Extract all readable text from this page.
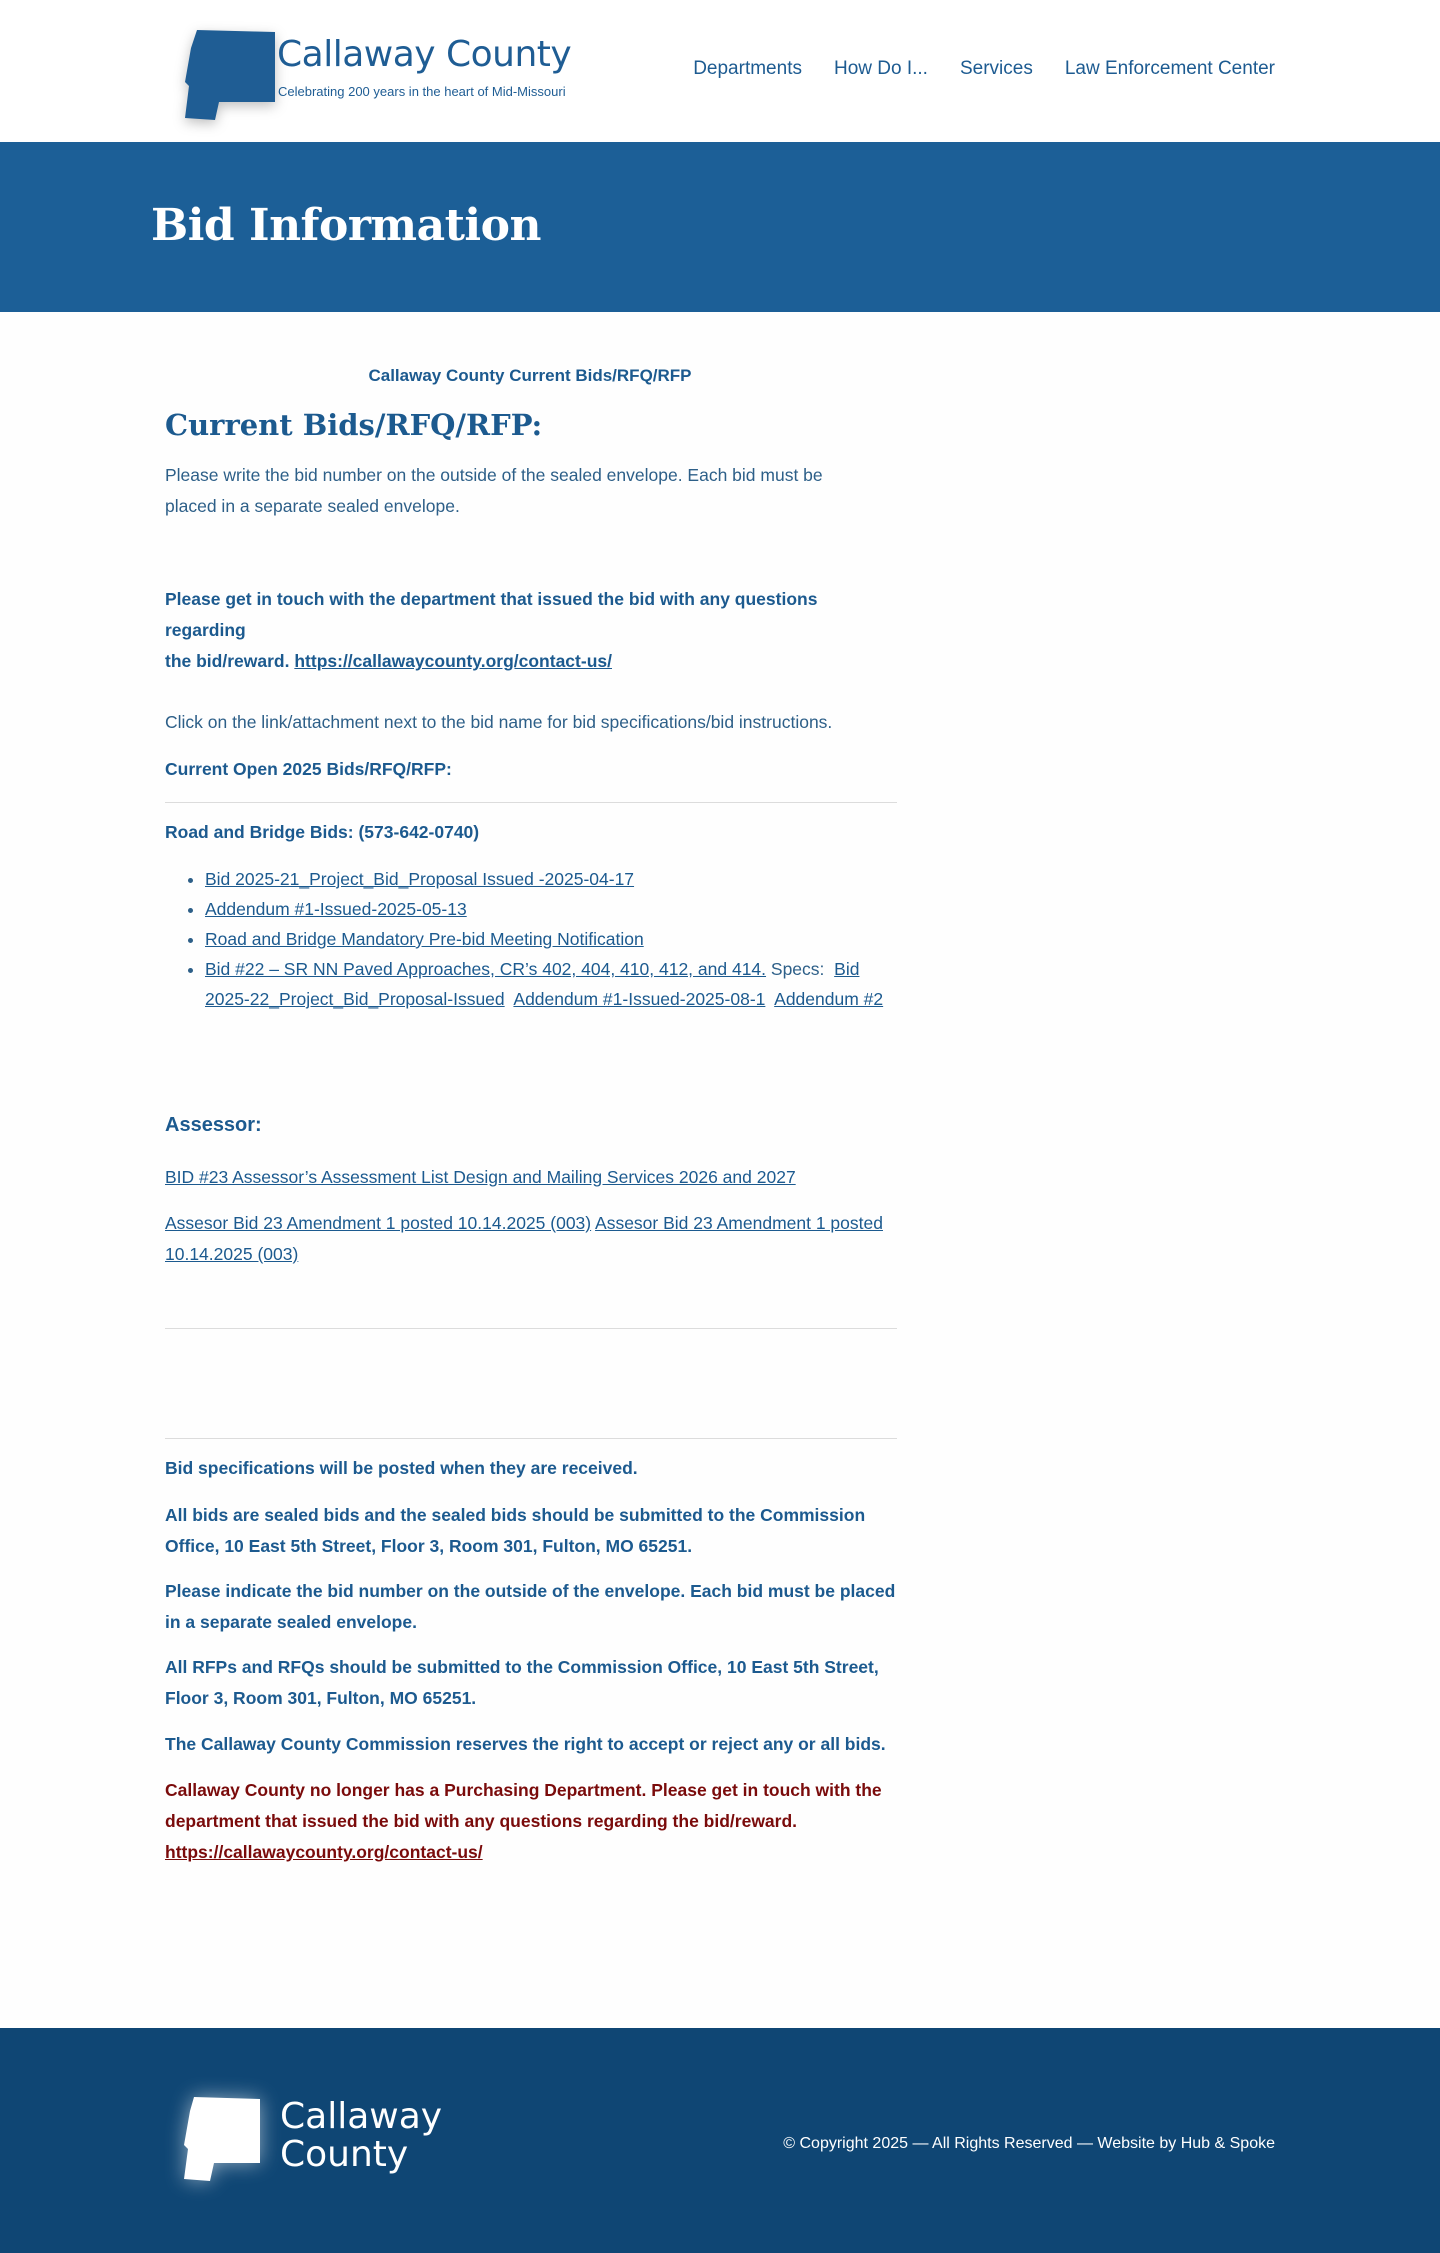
Callaway County
Celebrating 200 years in the heart of Mid-Missouri
Departments How Do I... Services Law Enforcement Center
Bid Information
Callaway County Current Bids/RFQ/RFP
Current Bids/RFQ/RFP:
Please write the bid number on the outside of the sealed envelope. Each bid must be
placed in a separate sealed envelope.
Please get in touch with the department that issued the bid with any questions regarding
the bid/reward. https://callawaycounty.org/contact-us/
Click on the link/attachment next to the bid name for bid specifications/bid instructions.
Current Open 2025 Bids/RFQ/RFP:
Road and Bridge Bids: (573-642-0740)
• Bid 2025-21_Project_Bid_Proposal Issued -2025-04-17
• Addendum #1-Issued-2025-05-13
• Road and Bridge Mandatory Pre-bid Meeting Notification
• Bid #22 – SR NN Paved Approaches, CR’s 402, 404, 410, 412, and 414. Specs: Bid 2025-22_Project_Bid_Proposal-Issued Addendum #1-Issued-2025-08-1 Addendum #2
Assessor:
BID #23 Assessor’s Assessment List Design and Mailing Services 2026 and 2027
Assesor Bid 23 Amendment 1 posted 10.14.2025 (003) Assesor Bid 23 Amendment 1 posted 10.14.2025 (003)
Bid specifications will be posted when they are received.
All bids are sealed bids and the sealed bids should be submitted to the Commission
Office, 10 East 5th Street, Floor 3, Room 301, Fulton, MO 65251.
Please indicate the bid number on the outside of the envelope. Each bid must be placed
in a separate sealed envelope.
All RFPs and RFQs should be submitted to the Commission Office, 10 East 5th Street,
Floor 3, Room 301, Fulton, MO 65251.
The Callaway County Commission reserves the right to accept or reject any or all bids.
Callaway County no longer has a Purchasing Department. Please get in touch with the
department that issued the bid with any questions regarding the bid/reward.
https://callawaycounty.org/contact-us/
Callaway
County	© Copyright 2025 — All Rights Reserved — Website by Hub & Spoke
